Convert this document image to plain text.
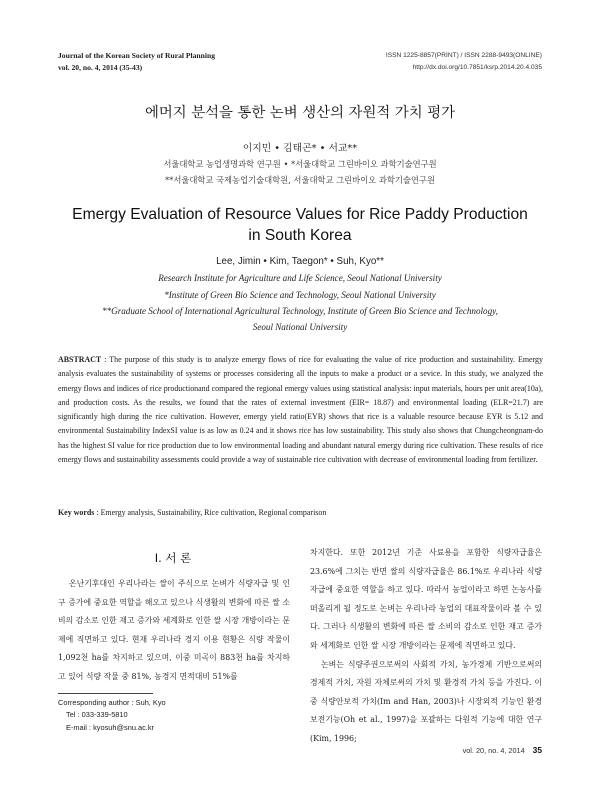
Journal of the Korean Society of Rural Planning
vol. 20, no. 4, 2014 (35-43)
ISSN 1225-8857(PRINT) / ISSN 2288-9493(ONLINE)
http://dx.doi.org/10.7851/ksrp.2014.20.4.035
에머지 분석을 통한 논벼 생산의 자원적 가치 평가
이지민 • 김태곤* • 서교**
서울대학교 농업생명과학 연구원 • *서울대학교 그린바이오 과학기술연구원
**서울대학교 국제농업기술대학원, 서울대학교 그린바이오 과학기술연구원
Emergy Evaluation of Resource Values for Rice Paddy Production
in South Korea
Lee, Jimin • Kim, Taegon* • Suh, Kyo**
Research Institute for Agriculture and Life Science, Seoul National University
*Institute of Green Bio Science and Technology, Seoul National University
**Graduate School of International Agricultural Technology, Institute of Green Bio Science and Technology,
Seoul National University
ABSTRACT : The purpose of this study is to analyze emergy flows of rice for evaluating the value of rice production and sustainability. Emergy analysis evaluates the sustainability of systems or processes considering all the inputs to make a product or a sevice. In this study, we analyzed the emergy flows and indices of rice productionand compared the regional emergy values using statistical analysis: input materials, hours per unit area(10a), and production costs. As the results, we found that the rates of external investment (EIR= 18.87) and environmental loading (ELR=21.7) are significantly high during the rice cultivation. However, emergy yield ratio(EYR) shows that rice is a valuable resource because EYR is 5.12 and environmental Sustainability IndexSI value is as low as 0.24 and it shows rice has low sustainability. This study also shows that Chungcheongnam-do has the highest SI value for rice production due to low environmental loading and abundant natural emergy during rice cultivation. These results of rice emergy flows and sustainability assessments could provide a way of sustainable rice cultivation with decrease of environmental loading from fertilizer.
Key words : Emergy analysis, Sustainability, Rice cultivation, Regional comparison
Ⅰ. 서 론

온난기후대인 우리나라는 쌀이 주식으로 논벼가 식량자급 및 인구 증가에 중요한 역할을 해오고 있으나 식생활의 변화에 따른 쌀 소비의 감소로 인한 재고 증가와 세계화로 인한 쌀 시장 개방이라는 문제에 직면하고 있다. 현재 우리나라 경지 이용 현황은 식량 작물이 1,092천 ha를 차지하고 있으며, 이중 미곡이 883천 ha를 차지하고 있어 식량 작물 중 81%, 농경지 면적대비 51%를

차지한다. 또한 2012년 기준 사료용을 포함한 식량자급율은 23.6%에 그치는 반면 쌀의 식량자급율은 86.1%로 우리나라 식량 자급에 중요한 역할을 하고 있다. 따라서 농업이라고 하면 논농사를 떠올리게 될 정도로 논벼는 우리나라 농업의 대표작물이라 볼 수 있다. 그러나 식생활의 변화에 따른 쌀 소비의 감소로 인한 재고 증가와 세계화로 인한 쌀 시장 개방이라는 문제에 직면하고 있다.

논벼는 식량주권으로써의 사회적 가치, 농가경제 기반으로써의 경제적 가치, 자원 자체로써의 가치 및 환경적 가치 등을 가진다. 이 중 식량안보적 가치(Im and Han, 2003)나 시장외적 기능인 환경보전기능(Oh et al., 1997)을 포괄하는 다원적 기능에 대한 연구(Kim, 1996;

Corresponding author : Suh, Kyo
Tel : 033-339-5810
E-mail : kyosuh@snu.ac.kr
vol. 20, no. 4, 2014 35
